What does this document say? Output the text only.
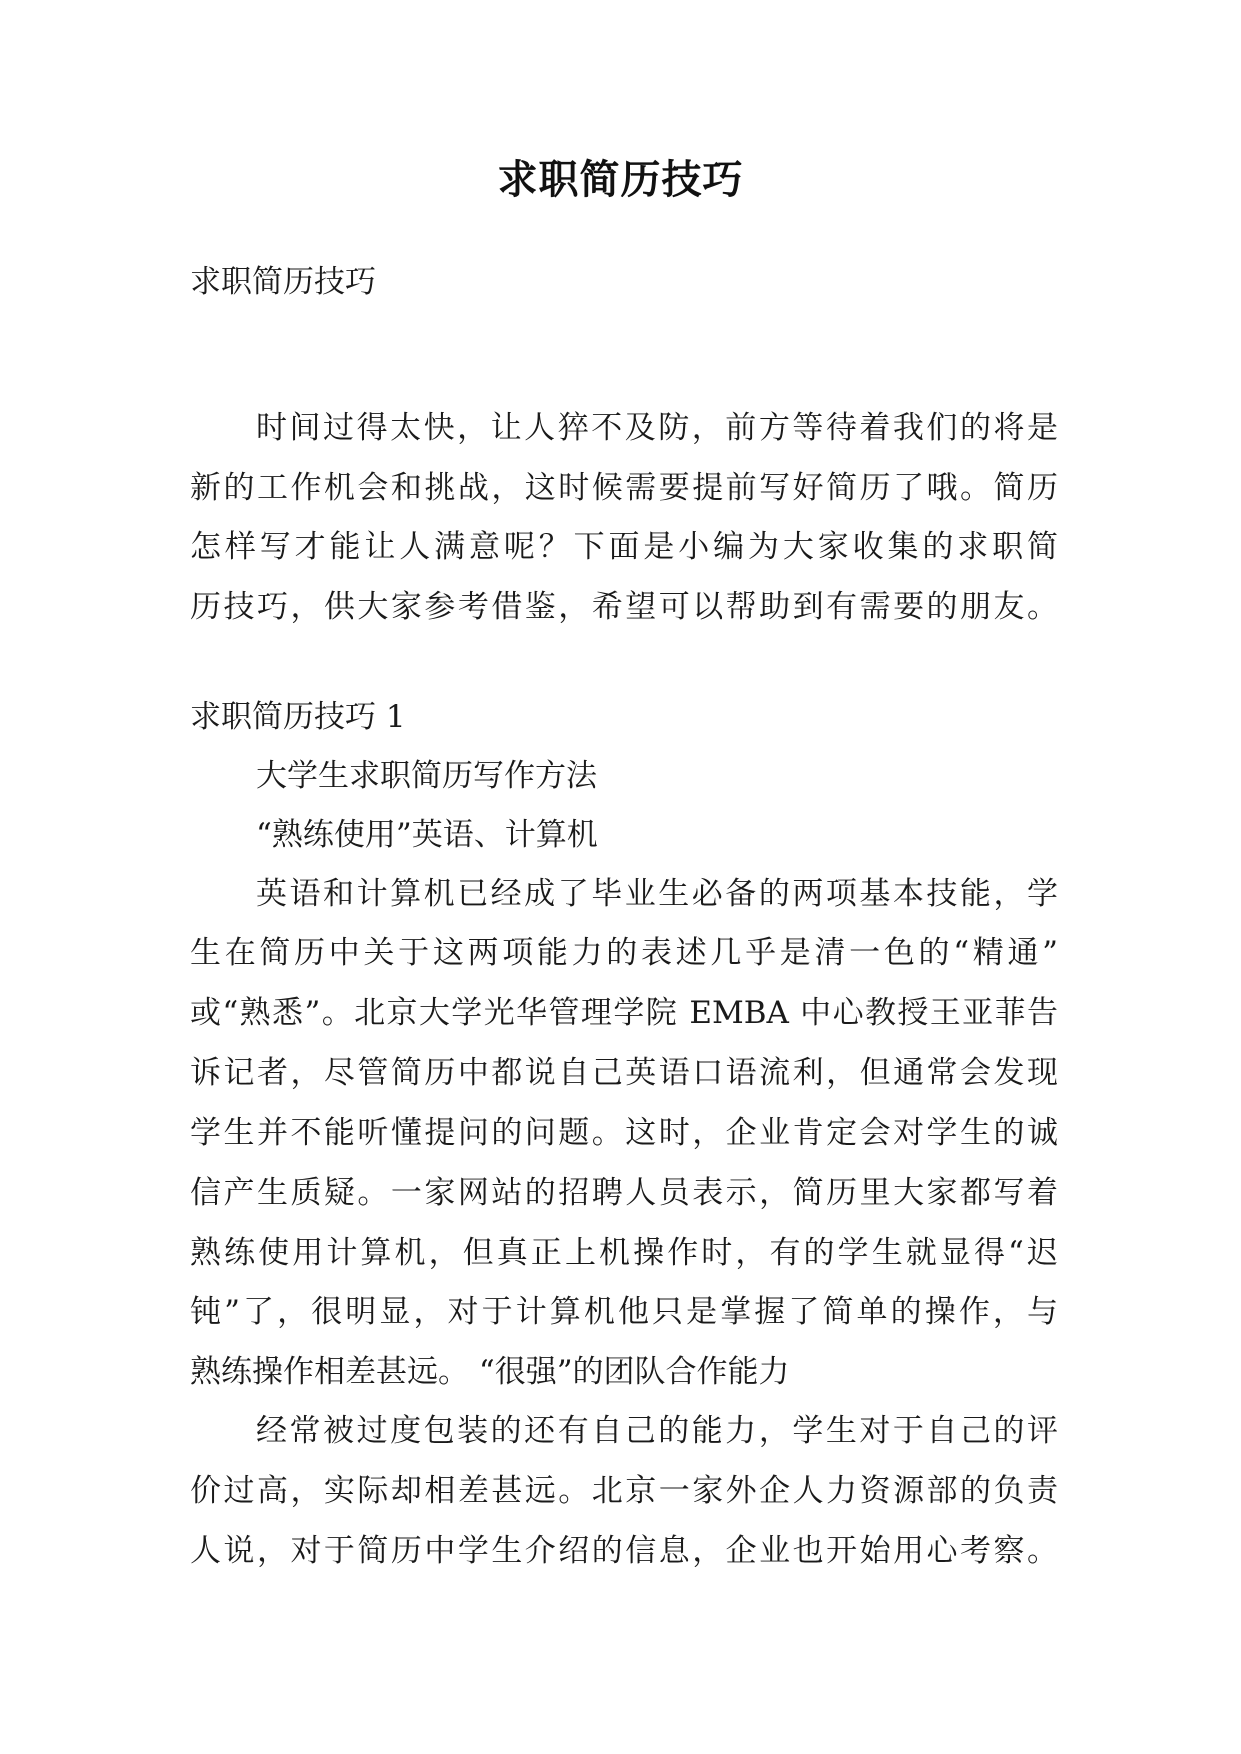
求职简历技巧
求职简历技巧
时间过得太快，让人猝不及防，前方等待着我们的将是
新的工作机会和挑战，这时候需要提前写好简历了哦。简历
怎样写才能让人满意呢？下面是小编为大家收集的求职简
历技巧，供大家参考借鉴，希望可以帮助到有需要的朋友。
求职简历技巧 1
大学生求职简历写作方法
“熟练使用”英语、计算机
英语和计算机已经成了毕业生必备的两项基本技能，学
生在简历中关于这两项能力的表述几乎是清一色的“精通”
或“熟悉”。北京大学光华管理学院 EMBA 中心教授王亚菲告
诉记者，尽管简历中都说自己英语口语流利，但通常会发现
学生并不能听懂提问的问题。这时，企业肯定会对学生的诚
信产生质疑。一家网站的招聘人员表示，简历里大家都写着
熟练使用计算机，但真正上机操作时，有的学生就显得“迟
钝”了，很明显，对于计算机他只是掌握了简单的操作，与
熟练操作相差甚远。 “很强”的团队合作能力
经常被过度包装的还有自己的能力，学生对于自己的评
价过高，实际却相差甚远。北京一家外企人力资源部的负责
人说，对于简历中学生介绍的信息，企业也开始用心考察。
